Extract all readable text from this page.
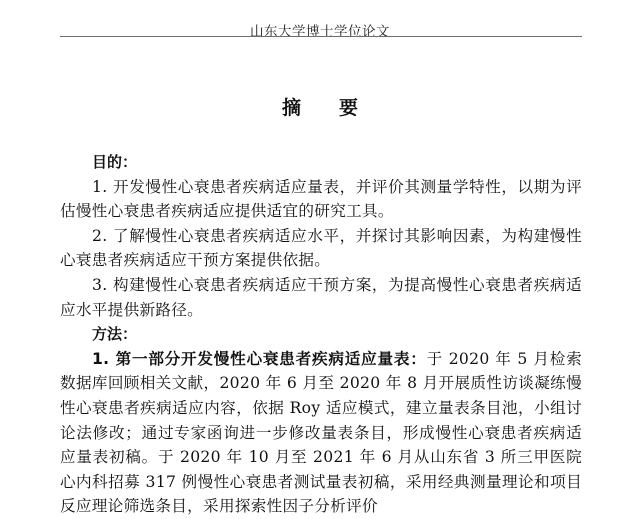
山东大学博士学位论文
摘 要

目的：

1. 开发慢性心衰患者疾病适应量表，并评价其测量学特性，以期为评估慢性心衰患者疾病适应提供适宜的研究工具。

2. 了解慢性心衰患者疾病适应水平，并探讨其影响因素，为构建慢性心衰患者疾病适应干预方案提供依据。

3. 构建慢性心衰患者疾病适应干预方案，为提高慢性心衰患者疾病适应水平提供新路径。

方法：

1. 第一部分开发慢性心衰患者疾病适应量表：于 2020 年 5 月检索数据库回顾相关文献，2020 年 6 月至 2020 年 8 月开展质性访谈凝练慢性心衰患者疾病适应内容，依据 Roy 适应模式，建立量表条目池，小组讨论法修改；通过专家函询进一步修改量表条目，形成慢性心衰患者疾病适应量表初稿。于 2020 年 10 月至 2021 年 6 月从山东省 3 所三甲医院心内科招募 317 例慢性心衰患者测试量表初稿，采用经典测量理论和项目反应理论筛选条目，采用探索性因子分析评价
